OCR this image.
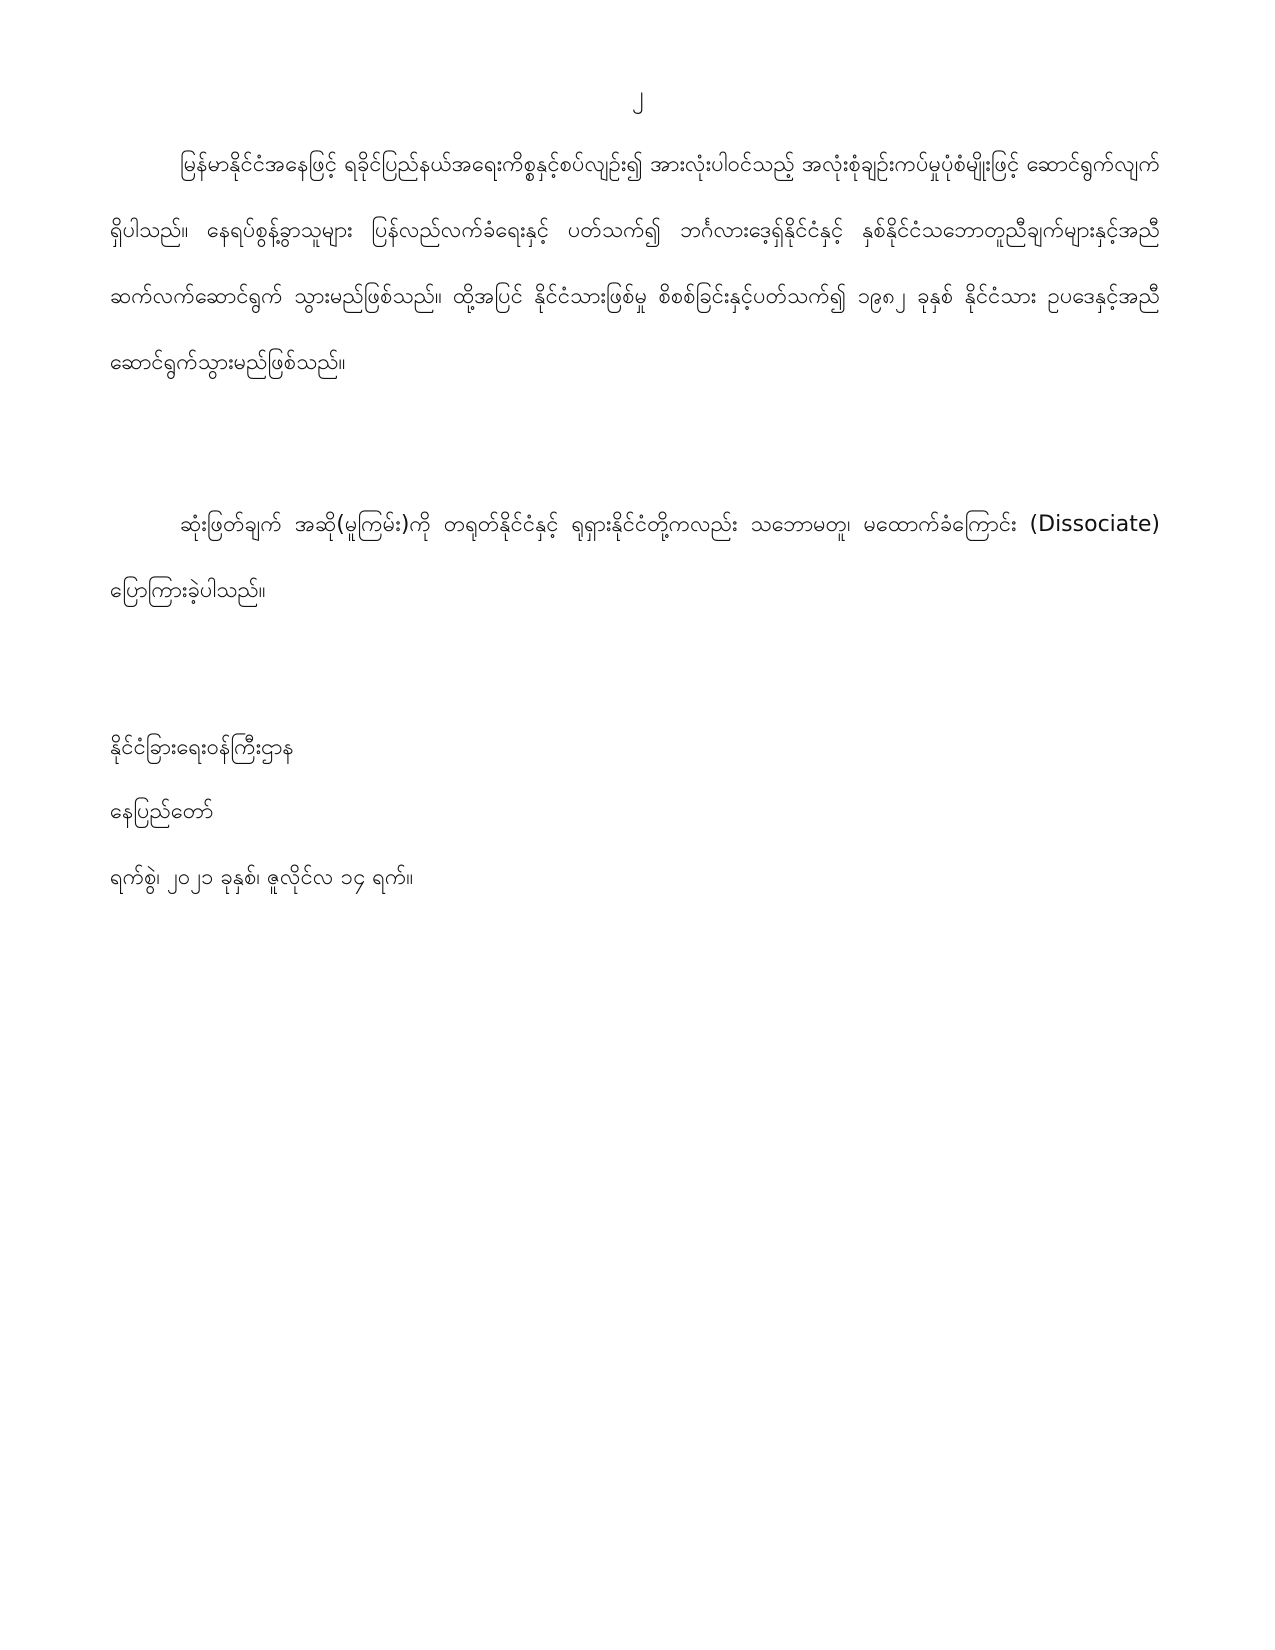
၂

မြန်မာနိုင်ငံအနေဖြင့် ရခိုင်ပြည်နယ်အရေးကိစ္စနှင့်စပ်လျဉ်း၍ အားလုံးပါဝင်သည့် အလုံးစုံချဉ်းကပ်မှုပုံစံမျိုးဖြင့် ဆောင်ရွက်လျက်ရှိပါသည်။ နေရပ်စွန့်ခွာသူများ ပြန်လည်လက်ခံရေးနှင့် ပတ်သက်၍ ဘင်္ဂလားဒေ့ရှ်နိုင်ငံနှင့် နှစ်နိုင်ငံသဘောတူညီချက်များနှင့်အညီ ဆက်လက်ဆောင်ရွက် သွားမည်ဖြစ်သည်။ ထို့အပြင် နိုင်ငံသားဖြစ်မှု စိစစ်ခြင်းနှင့်ပတ်သက်၍ ၁၉၈၂ ခုနှစ် နိုင်ငံသား ဥပဒေနှင့်အညီ ဆောင်ရွက်သွားမည်ဖြစ်သည်။

ဆုံးဖြတ်ချက် အဆို(မူကြမ်း)ကို တရုတ်နိုင်ငံနှင့် ရုရှားနိုင်ငံတို့ကလည်း သဘောမတူ၊ မထောက်ခံကြောင်း (Dissociate) ပြောကြားခဲ့ပါသည်။

နိုင်ငံခြားရေးဝန်ကြီးဌာန

နေပြည်တော်

ရက်စွဲ၊ ၂၀၂၁ ခုနှစ်၊ ဇူလိုင်လ ၁၄ ရက်။
